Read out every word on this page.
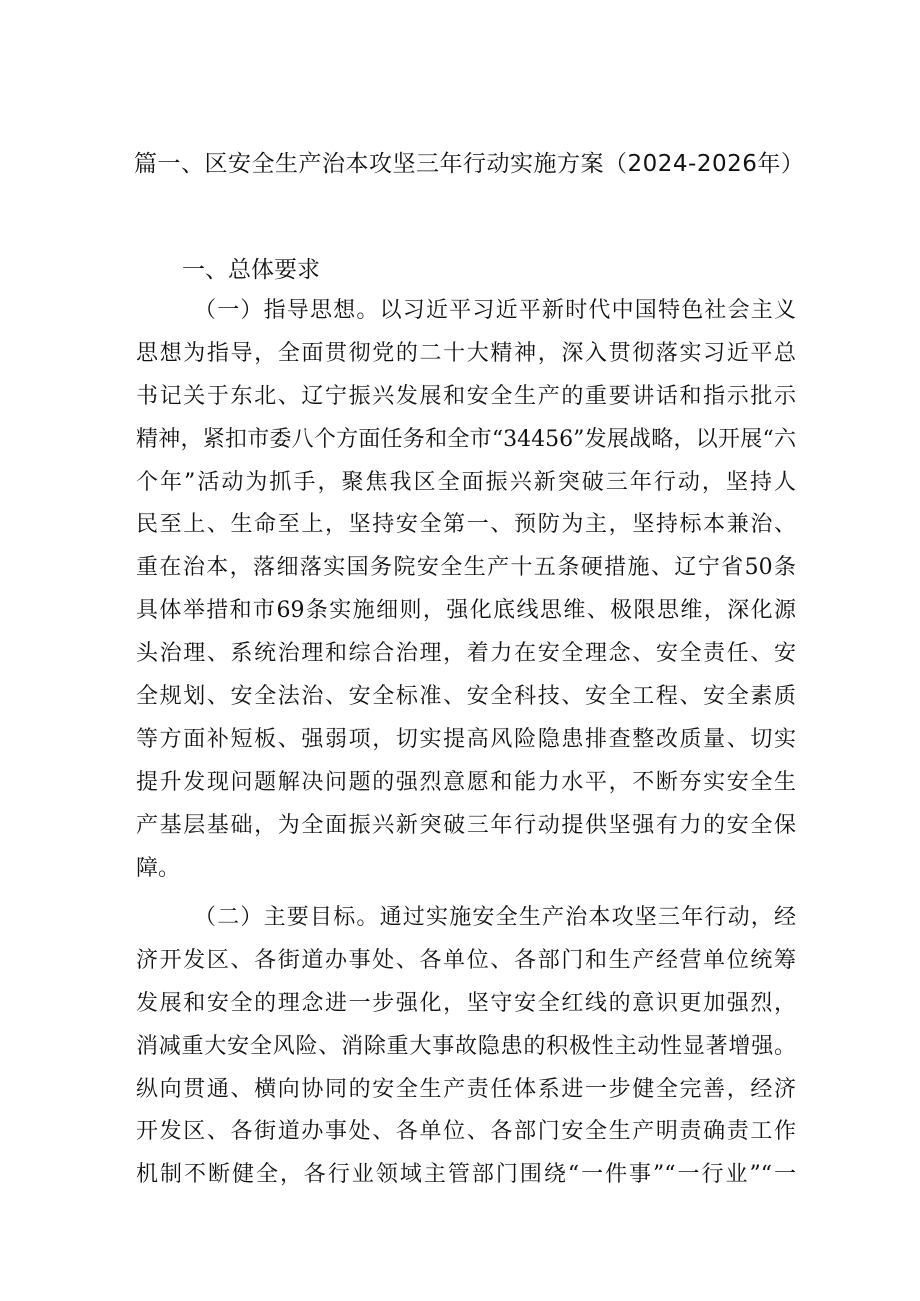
篇一、区安全生产治本攻坚三年行动实施方案（2024-2026年）
一、总体要求
（一）指导思想。以习近平习近平新时代中国特色社会主义
思想为指导，全面贯彻党的二十大精神，深入贯彻落实习近平总
书记关于东北、辽宁振兴发展和安全生产的重要讲话和指示批示
精神，紧扣市委八个方面任务和全市“34456”发展战略，以开展“六
个年”活动为抓手，聚焦我区全面振兴新突破三年行动，坚持人
民至上、生命至上，坚持安全第一、预防为主，坚持标本兼治、
重在治本，落细落实国务院安全生产十五条硬措施、辽宁省50条
具体举措和市69条实施细则，强化底线思维、极限思维，深化源
头治理、系统治理和综合治理，着力在安全理念、安全责任、安
全规划、安全法治、安全标准、安全科技、安全工程、安全素质
等方面补短板、强弱项，切实提高风险隐患排查整改质量、切实
提升发现问题解决问题的强烈意愿和能力水平，不断夯实安全生
产基层基础，为全面振兴新突破三年行动提供坚强有力的安全保
障。
（二）主要目标。通过实施安全生产治本攻坚三年行动，经
济开发区、各街道办事处、各单位、各部门和生产经营单位统筹
发展和安全的理念进一步强化，坚守安全红线的意识更加强烈，
消减重大安全风险、消除重大事故隐患的积极性主动性显著增强。
纵向贯通、横向协同的安全生产责任体系进一步健全完善，经济
开发区、各街道办事处、各单位、各部门安全生产明责确责工作
机制不断健全，各行业领域主管部门围绕“一件事”“一行业”“一
